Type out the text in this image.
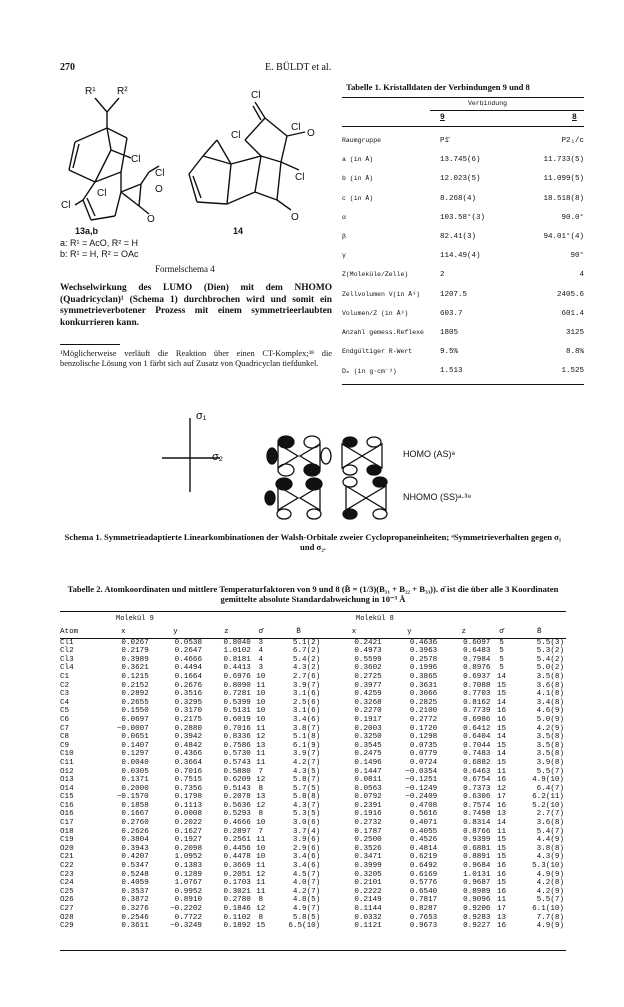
270	E. BÜLDT et al.
R¹ R²
Cl
Cl
Cl
Cl	O
O
Cl
Cl
Cl
Cl
O
O
13a,b	14
a: R¹ = AcO, R² = H
b: R¹ = H, R² = OAc
Formelschema 4
Wechselwirkung des LUMO (Dien) mit dem NHOMO (Quadricyclan)¹ (Schema 1) durchbrochen wird und somit ein symmetrieverbotener Prozess mit einem symmetrieerlaubten konkurrieren kann.
¹Möglicherweise verläuft die Reaktion über einen CT-Komplex;³⁸ die benzolische Lösung von 1 färbt sich auf Zusatz von Quadricyclan tiefdunkel.
Tabelle 1. Kristalldaten der Verbindungen 9 und 8
Verbindung
9	8
Raumgruppe	P1̄	P2₁/c
a (in Å)	13.745(6)	11.733(5)
b (in Å)	12.023(5)	11.099(5)
c (in Å)	8.268(4)	18.518(8)
α	103.58°(3)	90.0°
β	82.41(3)	94.01°(4)
γ	114.49(4)	90°
Z(Moleküle/Zelle)	2	4
Zellvolumen V(in Å³)	1207.5	2405.6
Volumen/Z (in Å³)	603.7	601.4
Anzahl gemess.Reflexe 1805	3125
Endgültiger R-Wert	9.5%	8.8%
Dₘ (in g·cm⁻³)	1.513	1.525
σ₁
σ₂	HOMO (AS)ᵃ
NHOMO (SS)ᵃ·³⁹
Schema 1. Symmetrieadaptierte Linearkombinationen der Walsh-Orbitale zweier Cyclopropaneinheiten; ᵃSymmetrieverhalten gegen σ₁ und σ₂.
Tabelle 2. Atomkoordinaten und mittlere Temperaturfaktoren von 9 und 8 (B̄ = (1/3)(B₁₁ + B₂₂ + B₃₃)). σ̄ ist die über alle 3 Koordinaten gemittelte absolute Standardabweichung in 10⁻³ Å
Molekül 9	Molekül 8
Atom	x	y	z	σ̄	B̄	x	y	z	σ̄	B̄
Cl1	0.0267	0.0538	0.8040	3	5.1(2)	0.2421	0.4636	0.6097	5	5.5(3)
Cl2	0.2179	0.2647	1.0102	4	6.7(2)	0.4973	0.3963	0.6483	5	5.3(2)
Cl3	0.3989	0.4666	0.8181	4	5.4(2)	0.5599	0.2578	0.7984	5	5.4(2)
Cl4	0.3621	0.4494	0.4413	3	4.3(2)	0.3602	0.1996	0.8976	5	5.0(2)
C1	0.1215	0.1664	0.6976	10	2.7(6)	0.2725	0.3865	0.6937	14	3.5(8)
C2	0.2152	0.2676	0.8090	11	3.9(7)	0.3977	0.3631	0.7088	15	3.6(8)
C3	0.2892	0.3516	0.7281	10	3.1(6)	0.4259	0.3066	0.7703	15	4.1(8)
C4	0.2655	0.3295	0.5399	10	2.5(6)	0.3268	0.2825	0.8162	14	3.4(8)
C5	0.1550	0.3170	0.5131	10	3.1(6)	0.2270	0.2100	0.7739	16	4.6(9)
C6	0.0697	0.2175	0.6019	10	3.4(6)	0.1917	0.2772	0.6986	16	5.0(9)
C7	−0.0007	0.2880	0.7016	11	3.8(7)	0.2003	0.1720	0.6412	15	4.2(9)
C8	0.0651	0.3942	0.8336	12	5.1(8)	0.3250	0.1298	0.6404	14	3.5(8)
C9	0.1407	0.4842	0.7586	13	6.1(9)	0.3545	0.0735	0.7044	15	3.5(8)
C10	0.1297	0.4366	0.5730	11	3.9(7)	0.2475	0.0779	0.7483	14	3.5(8)
C11	0.0040	0.3664	0.5743	11	4.2(7)	0.1496	0.0724	0.6882	15	3.9(8)
O12	0.0305	0.7016	0.5880	7	4.3(5)	0.1447	−0.0354	0.6463	11	5.5(7)
O13	0.1371	0.7515	0.6209	12	5.8(7)	0.0811	−0.1251	0.6754	16	4.9(10)
O14	0.2000	0.7356	0.5143	8	5.7(5)	0.0563	−0.1249	0.7373	12	6.4(7)
C15	−0.1570	0.1798	0.2078	13	5.8(8)	0.0792	−0.2409	0.6306	17	6.2(11)
C16	0.1858	0.1113	0.5636	12	4.3(7)	0.2391	0.4708	0.7574	16	5.2(10)
O16	0.1667	0.0008	0.5293	8	5.3(5)	0.1916	0.5616	0.7498	13	2.7(7)
C17	0.2760	0.2022	0.4666	10	3.0(6)	0.2732	0.4071	0.8314	14	3.6(8)
O18	0.2626	0.1627	0.2897	7	3.7(4)	0.1787	0.4055	0.8766	11	5.4(7)
C19	0.3804	0.1927	0.2561	11	3.9(6)	0.2500	0.4526	0.9399	15	4.4(9)
O20	0.3943	0.2098	0.4456	10	2.9(6)	0.3526	0.4814	0.6881	15	3.8(8)
C21	0.4207	1.0952	0.4478	10	3.4(6)	0.3471	0.6219	0.8891	15	4.3(9)
C22	0.5347	0.1383	0.3669	11	3.4(6)	0.3999	0.6492	0.9684	16	5.3(10)
C23	0.5248	0.1289	0.2051	12	4.5(7)	0.3205	0.6169	1.0131	16	4.9(9)
C24	0.4059	1.0767	0.1703	11	4.0(7)	0.2101	0.5776	0.9687	15	4.2(8)
C25	0.3537	0.9952	0.3021	11	4.2(7)	0.2222	0.6540	0.8989	16	4.2(9)
O26	0.3872	0.8910	0.2780	8	4.8(5)	0.2149	0.7817	0.9096	11	5.5(7)
C27	0.3276	−0.2202	0.1846	12	4.9(7)	0.1144	0.8287	0.9206	17	6.1(10)
O28	0.2546	0.7722	0.1102	8	5.8(5)	0.0332	0.7653	0.9283	13	7.7(8)
C29	0.3611	−0.3249	0.1892	15	6.5(10)	0.1121	0.9673	0.9227	16	4.9(9)
